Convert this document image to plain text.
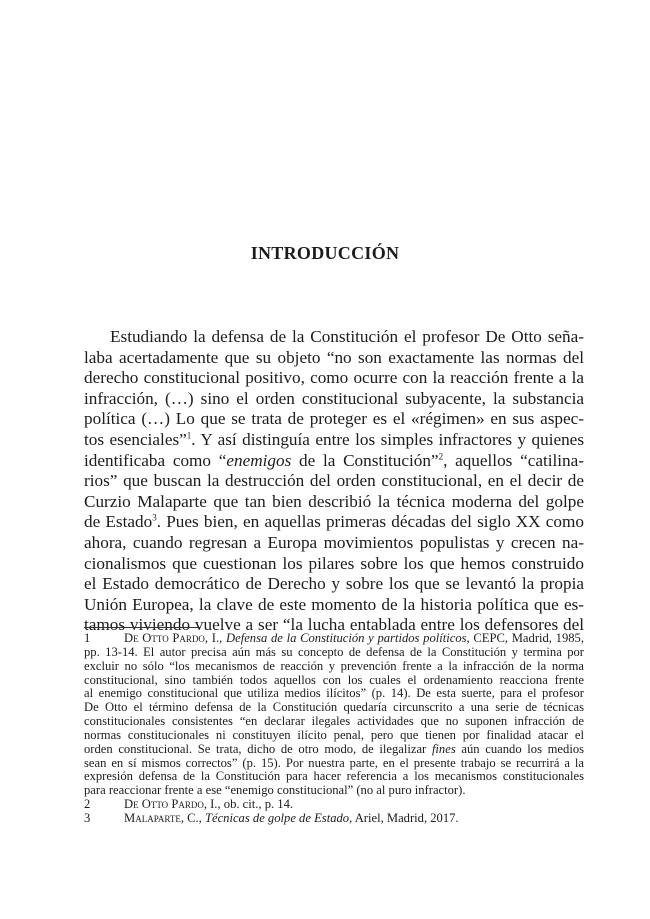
INTRODUCCIÓN
Estudiando la defensa de la Constitución el profesor De Otto seña-
laba acertadamente que su objeto “no son exactamente las normas del
derecho constitucional positivo, como ocurre con la reacción frente a la
infracción, (…) sino el orden constitucional subyacente, la substancia
política (…) Lo que se trata de proteger es el «régimen» en sus aspec-
tos esenciales”$^1$. Y así distinguía entre los simples infractores y quienes
identificaba como “enemigos de la Constitución”$^2$, aquellos “catilina-
rios” que buscan la destrucción del orden constitucional, en el decir de
Curzio Malaparte que tan bien describió la técnica moderna del golpe
de Estado$^3$. Pues bien, en aquellas primeras décadas del siglo XX como
ahora, cuando regresan a Europa movimientos populistas y crecen na-
cionalismos que cuestionan los pilares sobre los que hemos construido
el Estado democrático de Derecho y sobre los que se levantó la propia
Unión Europea, la clave de este momento de la historia política que es-
tamos viviendo vuelve a ser “la lucha entablada entre los defensores del
1	De Otto Pardo, I., Defensa de la Constitución y partidos políticos, CEPC, Madrid, 1985,
pp. 13-14. El autor precisa aún más su concepto de defensa de la Constitución y termina por
excluir no sólo “los mecanismos de reacción y prevención frente a la infracción de la norma
constitucional, sino también todos aquellos con los cuales el ordenamiento reacciona frente
al enemigo constitucional que utiliza medios ilícitos” (p. 14). De esta suerte, para el profesor
De Otto el término defensa de la Constitución quedaría circunscrito a una serie de técnicas
constitucionales consistentes “en declarar ilegales actividades que no suponen infracción de
normas constitucionales ni constituyen ilícito penal, pero que tienen por finalidad atacar el
orden constitucional. Se trata, dicho de otro modo, de ilegalizar fines aún cuando los medios
sean en sí mismos correctos” (p. 15). Por nuestra parte, en el presente trabajo se recurrirá a la
expresión defensa de la Constitución para hacer referencia a los mecanismos constitucionales
para reaccionar frente a ese “enemigo constitucional” (no al puro infractor).
2	De Otto Pardo, I., ob. cit., p. 14.
3	Malaparte, C., Técnicas de golpe de Estado, Ariel, Madrid, 2017.
